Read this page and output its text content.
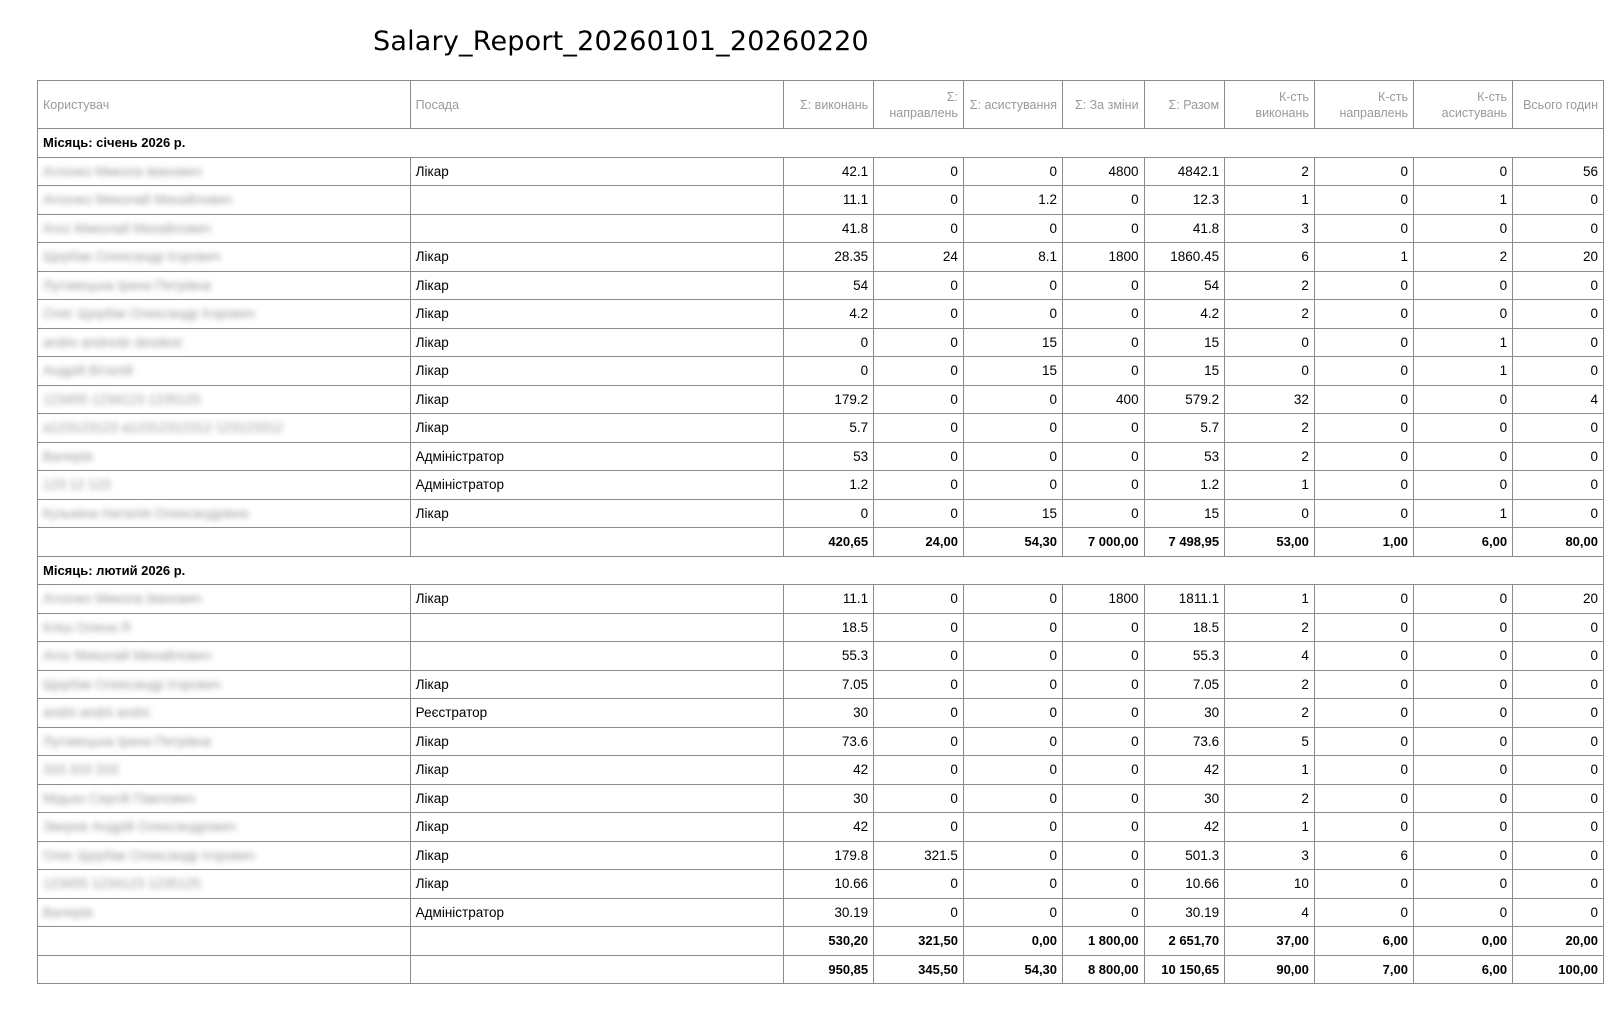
Salary_Report_20260101_20260220
Користувач	Посада	Σ: виконань	Σ: направлень	Σ: асистування	Σ: За зміни	Σ: Разом	К-сть виконань	К-сть направлень	К-сть асистувань	Всього годин
Місяць: січень 2026 р.										
Агєєнко Микола Іванович	Лікар	42.1	0	0	4800	4842.1	2	0	0	56
Агєєнко Миколай Михайлович		11.1	0	1.2	0	12.3	1	0	1	0
Агєє Миколай Михайлович		41.8	0	0	0	41.8	3	0	0	0
Щербак Олександр Ігорович	Лікар	28.35	24	8.1	1800	1860.45	6	1	2	20
Луговецька Ірина Петрівна	Лікар	54	0	0	0	54	2	0	0	0
Олег Щербак Олександр Ігорович	Лікар	4.2	0	0	0	4.2	2	0	0	0
andre andrede desdest	Лікар	0	0	15	0	15	0	0	1	0
Андрій Віталій	Лікар	0	0	15	0	15	0	0	1	0
123455 1234123 1235125	Лікар	179.2	0	0	400	579.2	32	0	0	4
а123123123 а12312312312 123123312	Лікар	5.7	0	0	0	5.7	2	0	0	0
Валерія	Адміністратор	53	0	0	0	53	2	0	0	0
123 12 123	Адміністратор	1.2	0	0	0	1.2	1	0	0	0
Кузьміна Наталія Олександрівна	Лікар	0	0	15	0	15	0	0	1	0
		420,65	24,00	54,30	7 000,00	7 498,95	53,00	1,00	6,00	80,00
Місяць: лютий 2026 р.										
Агєєнко Микола Іванович	Лікар	11.1	0	0	1800	1811.1	1	0	0	20
Кліш Олена Я		18.5	0	0	0	18.5	2	0	0	0
Агєє Миколай Михайлович		55.3	0	0	0	55.3	4	0	0	0
Щербак Олександр Ігорович	Лікар	7.05	0	0	0	7.05	2	0	0	0
andrii andrii andrii	Реєстратор	30	0	0	0	30	2	0	0	0
Луговецька Ірина Петрівна	Лікар	73.6	0	0	0	73.6	5	0	0	0
333 333 333	Лікар	42	0	0	0	42	1	0	0	0
Мідько Сергій Павлович	Лікар	30	0	0	0	30	2	0	0	0
Зверев Андрій Олександрович	Лікар	42	0	0	0	42	1	0	0	0
Олег Щербак Олександр Ігорович	Лікар	179.8	321.5	0	0	501.3	3	6	0	0
123455 1234123 1235125	Лікар	10.66	0	0	0	10.66	10	0	0	0
Валерія	Адміністратор	30.19	0	0	0	30.19	4	0	0	0
		530,20	321,50	0,00	1 800,00	2 651,70	37,00	6,00	0,00	20,00
		950,85	345,50	54,30	8 800,00	10 150,65	90,00	7,00	6,00	100,00
